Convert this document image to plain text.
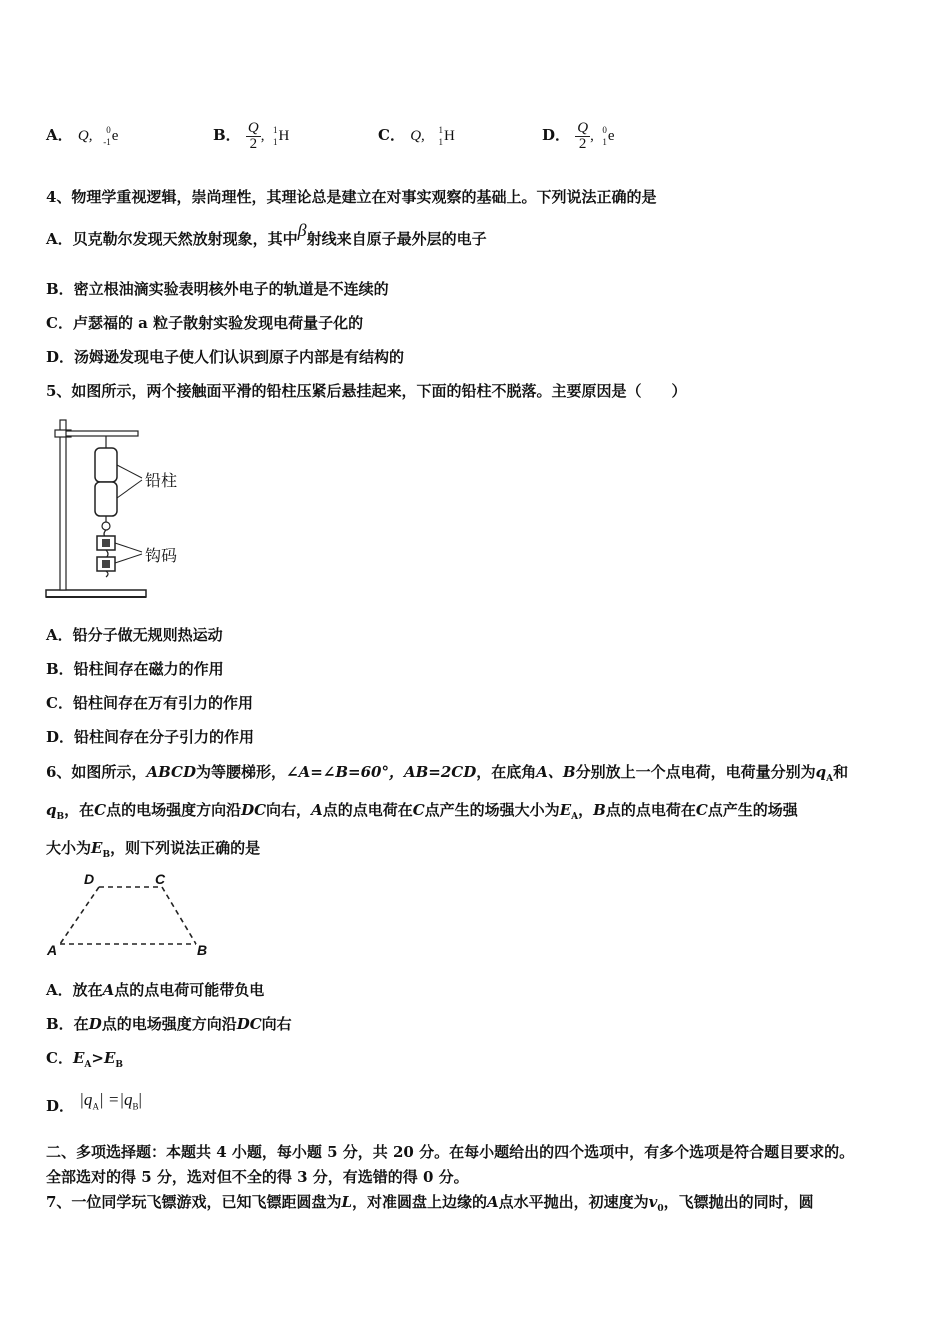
A． Q, 0
-1 e	B． $\frac{Q}{2}$ , 1
1 H	C． Q, 1
1 H	D． $\frac{Q}{2}$ , 0
1 e
4、物理学重视逻辑，崇尚理性，其理论总是建立在对事实观察的基础上。下列说法正确的是
A．贝克勒尔发现天然放射现象，其中β射线来自原子最外层的电子
B．密立根油滴实验表明核外电子的轨道是不连续的
C．卢瑟福的 a 粒子散射实验发现电荷量子化的
D．汤姆逊发现电子使人们认识到原子内部是有结构的
5、如图所示，两个接触面平滑的铅柱压紧后悬挂起来，下面的铅柱不脱落。主要原因是（　　）
铅柱
钩码
A．铅分子做无规则热运动
B．铅柱间存在磁力的作用
C．铅柱间存在万有引力的作用
D．铅柱间存在分子引力的作用
6、如图所示，ABCD为等腰梯形，∠A=∠B=60°，AB=2CD，在底角A、B分别放上一个点电荷，电荷量分别为$q_A$和
$q_B$，在C点的电场强度方向沿DC向右，A点的点电荷在C点产生的场强大小为$E_A$，B点的点电荷在C点产生的场强
大小为$E_B$，则下列说法正确的是
D	C
A	B
A．放在A点的点电荷可能带负电
B．在D点的电场强度方向沿DC向右
C．$E_A>E_B$
D． $|q_A| =|q_B|$
二、多项选择题：本题共 4 小题，每小题 5 分，共 20 分。在每小题给出的四个选项中，有多个选项是符合题目要求的。
全部选对的得 5 分，选对但不全的得 3 分，有选错的得 0 分。
7、一位同学玩飞镖游戏，已知飞镖距圆盘为L，对准圆盘上边缘的A点水平抛出，初速度为$v_0$，飞镖抛出的同时，圆
